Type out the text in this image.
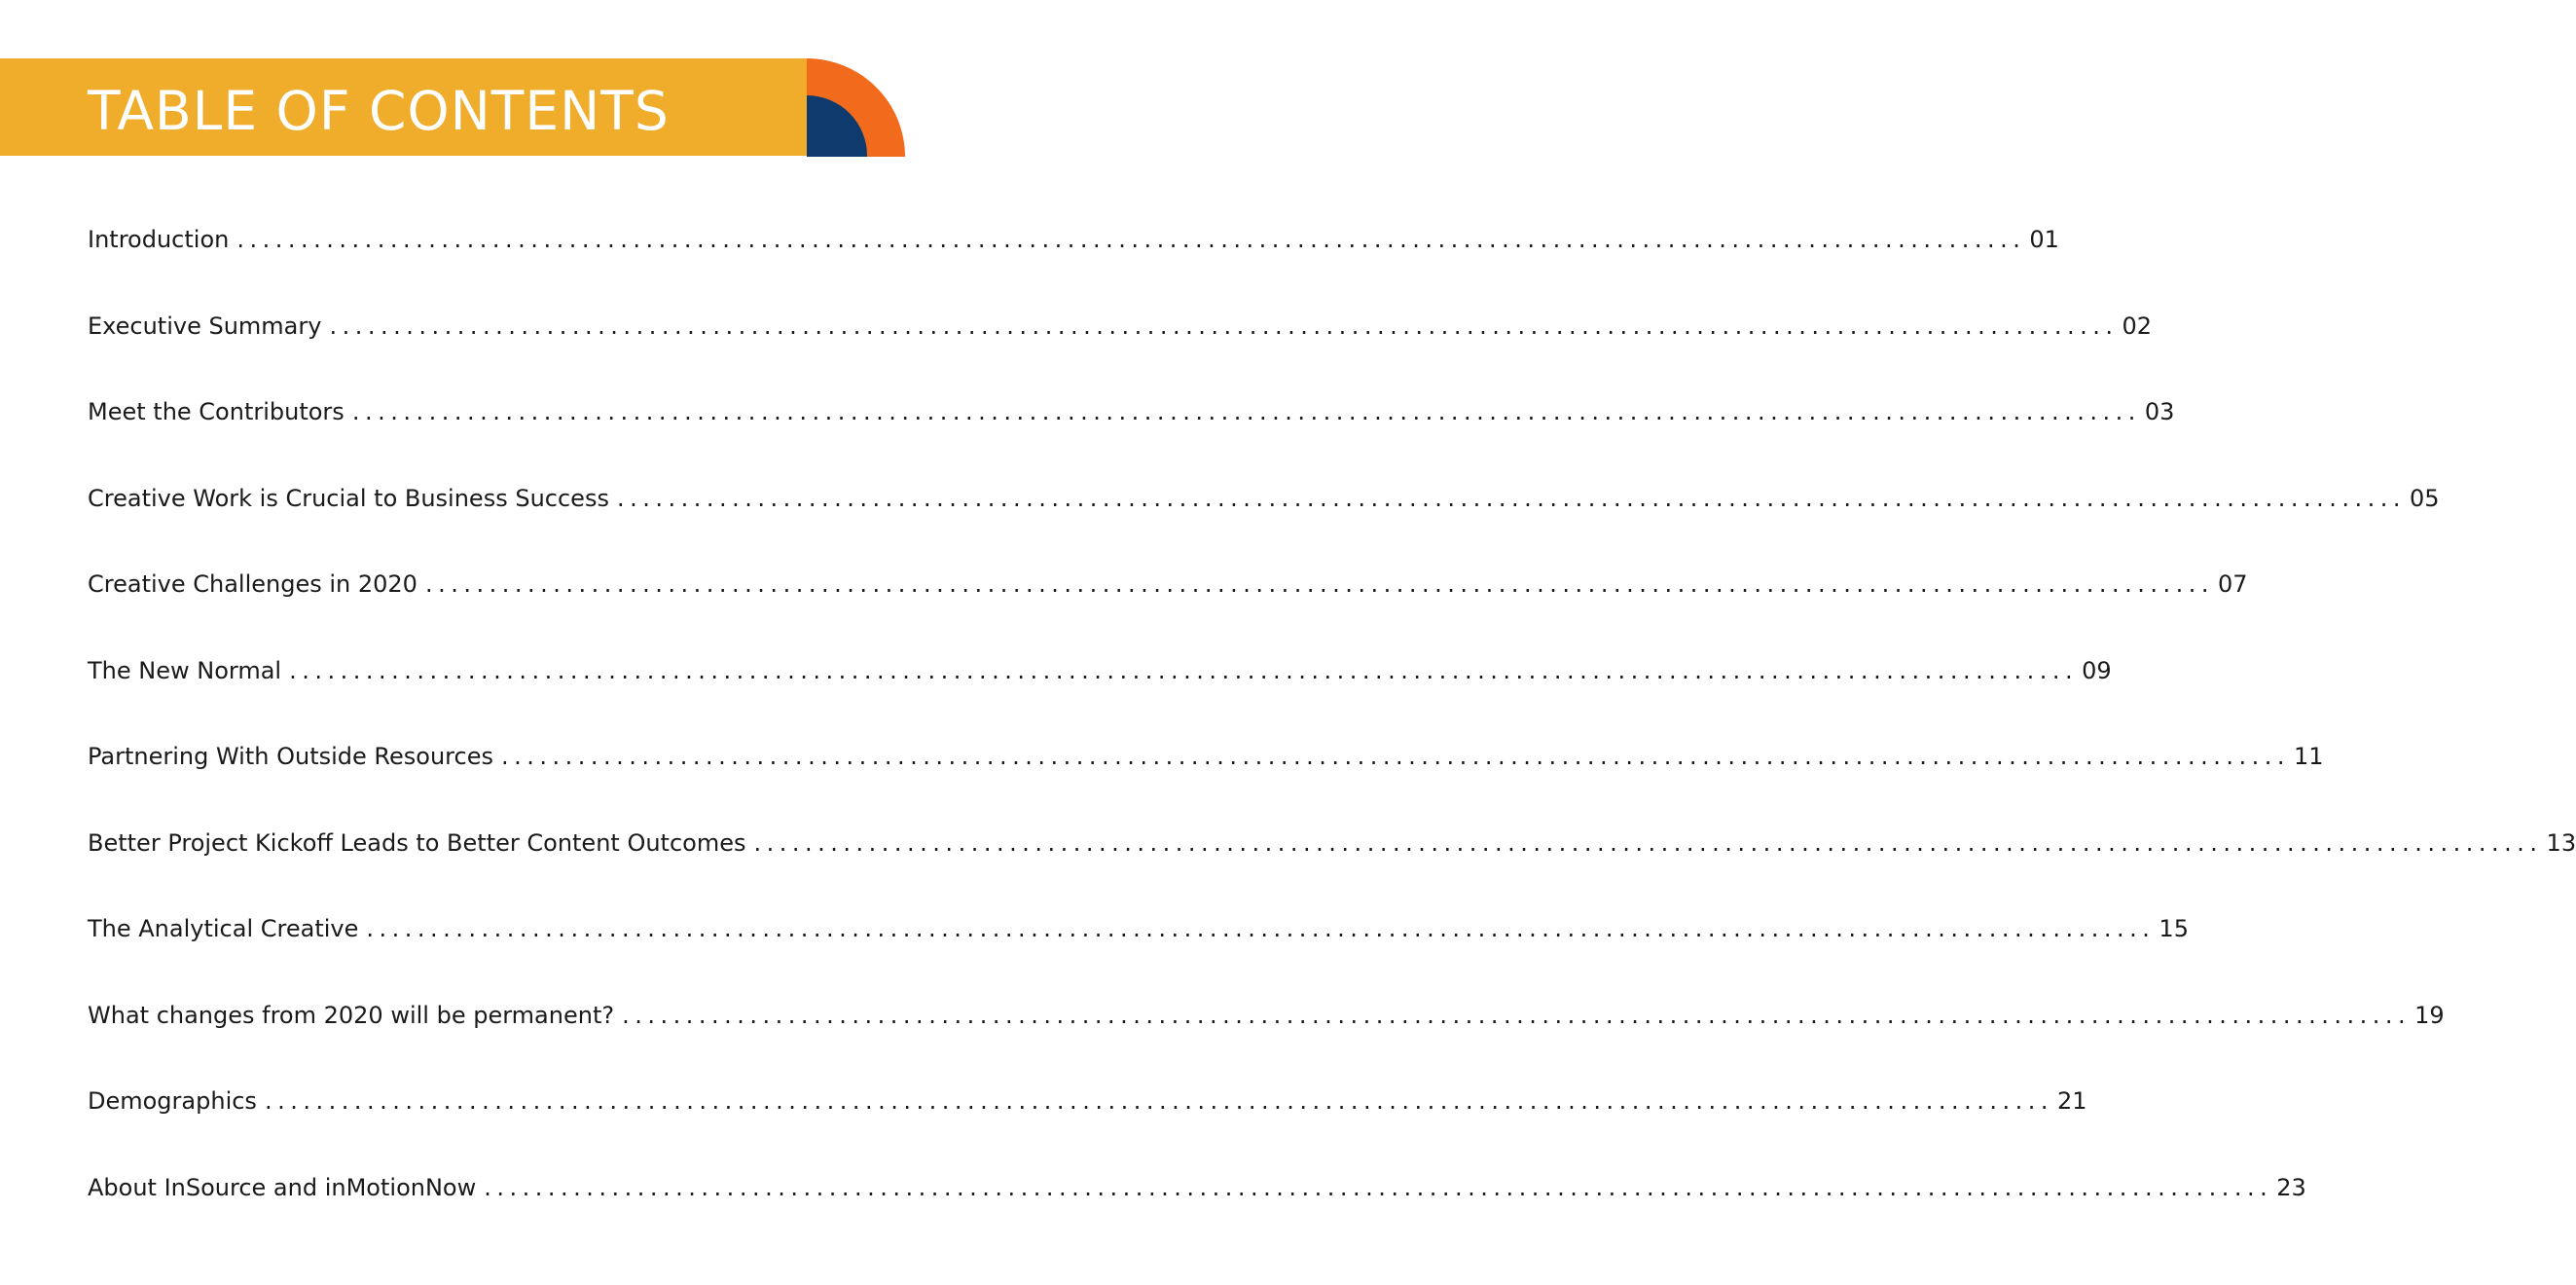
TABLE OF CONTENTS
Introduction ............................................................................................................................................ 01
Executive Summary ............................................................................................................................................ 02
Meet the Contributors ............................................................................................................................................ 03
Creative Work is Crucial to Business Success ............................................................................................................................................ 05
Creative Challenges in 2020 ............................................................................................................................................ 07
The New Normal ............................................................................................................................................ 09
Partnering With Outside Resources ............................................................................................................................................ 11
Better Project Kickoff Leads to Better Content Outcomes ............................................................................................................................................ 13
The Analytical Creative ............................................................................................................................................ 15
What changes from 2020 will be permanent? ............................................................................................................................................ 19
Demographics ............................................................................................................................................ 21
About InSource and inMotionNow ............................................................................................................................................ 23
